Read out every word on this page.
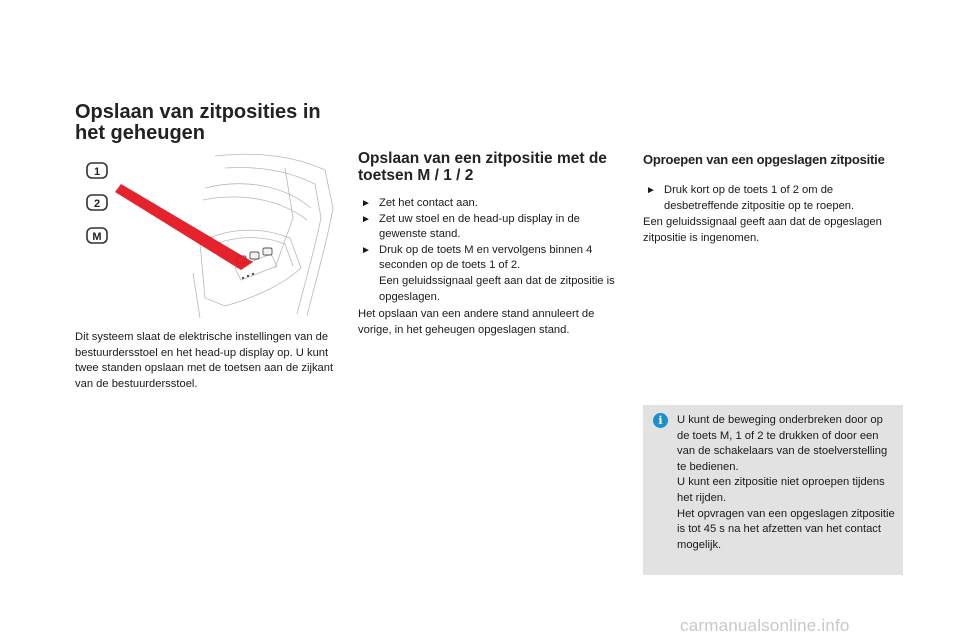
Opslaan van zitposities in het geheugen
1
2
M

Dit systeem slaat de elektrische instellingen van de bestuurdersstoel en het head-up display op. U kunt twee standen opslaan met de toetsen aan de zijkant van de bestuurdersstoel.

Opslaan van een zitpositie met de toetsen M / 1 / 2
► Zet het contact aan.
► Zet uw stoel en de head-up display in de gewenste stand.
► Druk op de toets M en vervolgens binnen 4 seconden op de toets 1 of 2.
Een geluidssignaal geeft aan dat de zitpositie is opgeslagen.

Het opslaan van een andere stand annuleert de vorige, in het geheugen opgeslagen stand.

Oproepen van een opgeslagen zitpositie
► Druk kort op de toets 1 of 2 om de desbetreffende zitpositie op te roepen.

Een geluidssignaal geeft aan dat de opgeslagen zitpositie is ingenomen.

i	U kunt de beweging onderbreken door op de toets M, 1 of 2 te drukken of door een van de schakelaars van de stoelverstelling te bedienen.
U kunt een zitpositie niet oproepen tijdens het rijden.
Het opvragen van een opgeslagen zitpositie is tot 45 s na het afzetten van het contact mogelijk.

carmanualsonline.info
